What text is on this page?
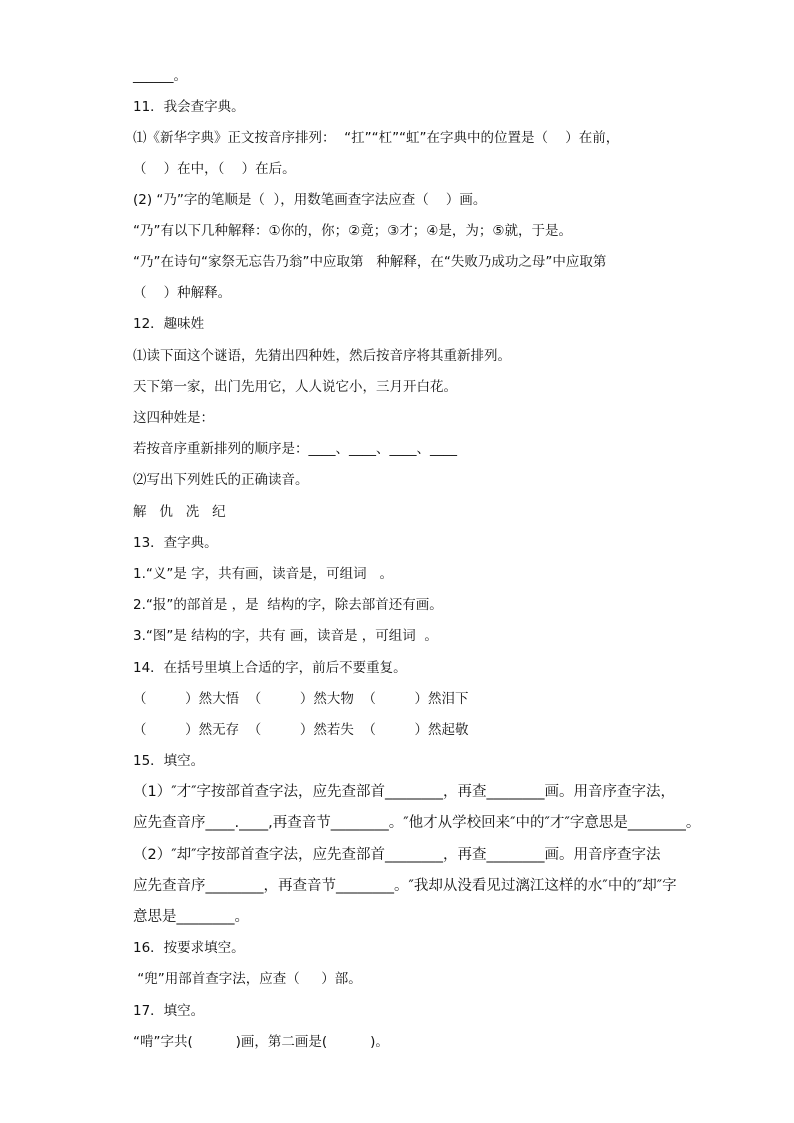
______。
11．我会查字典。
⑴《新华字典》正文按音序排列：  “扛”“杠”“虹”在字典中的位置是（    ）在前，
（    ）在中，（    ）在后。
(2) “乃”字的笔顺是（  ），用数笔画查字法应查（    ）画。
“乃”有以下几种解释：①你的，你；②竟；③才；④是，为；⑤就，于是。
“乃”在诗句“家祭无忘告乃翁”中应取第   种解释，在“失败乃成功之母”中应取第
（    ）种解释。
12．趣味姓
⑴读下面这个谜语，先猜出四种姓，然后按音序将其重新排列。
天下第一家，出门先用它，人人说它小，三月开白花。
这四种姓是：
若按音序重新排列的顺序是：____、____、____、____
⑵写出下列姓氏的正确读音。
解   仇   冼   纪
13．查字典。
1.“义”是 字，共有画，读音是，可组词   。
2.“报”的部首是 ，是  结构的字，除去部首还有画。
3.“图”是 结构的字，共有 画，读音是 ，可组词  。
14．在括号里填上合适的字，前后不要重复。
（         ）然大悟  （         ）然大物  （         ）然泪下
（         ）然无存  （         ）然若失  （         ）然起敬
15．填空。
（1）″才″字按部首查字法，应先查部首________，再查________画。用音序查字法，
应先查音序____.____,再查音节________。″他才从学校回来″中的″才″字意思是________。
（2）″却″字按部首查字法，应先查部首________，再查________画。用音序查字法
应先查音序________，再查音节________。″我却从没看见过漓江这样的水″中的″却″字
意思是________。
16．按要求填空。
“兜”用部首查字法，应查（     ）部。
17．填空。
“啃”字共(          )画，第二画是(          )。
